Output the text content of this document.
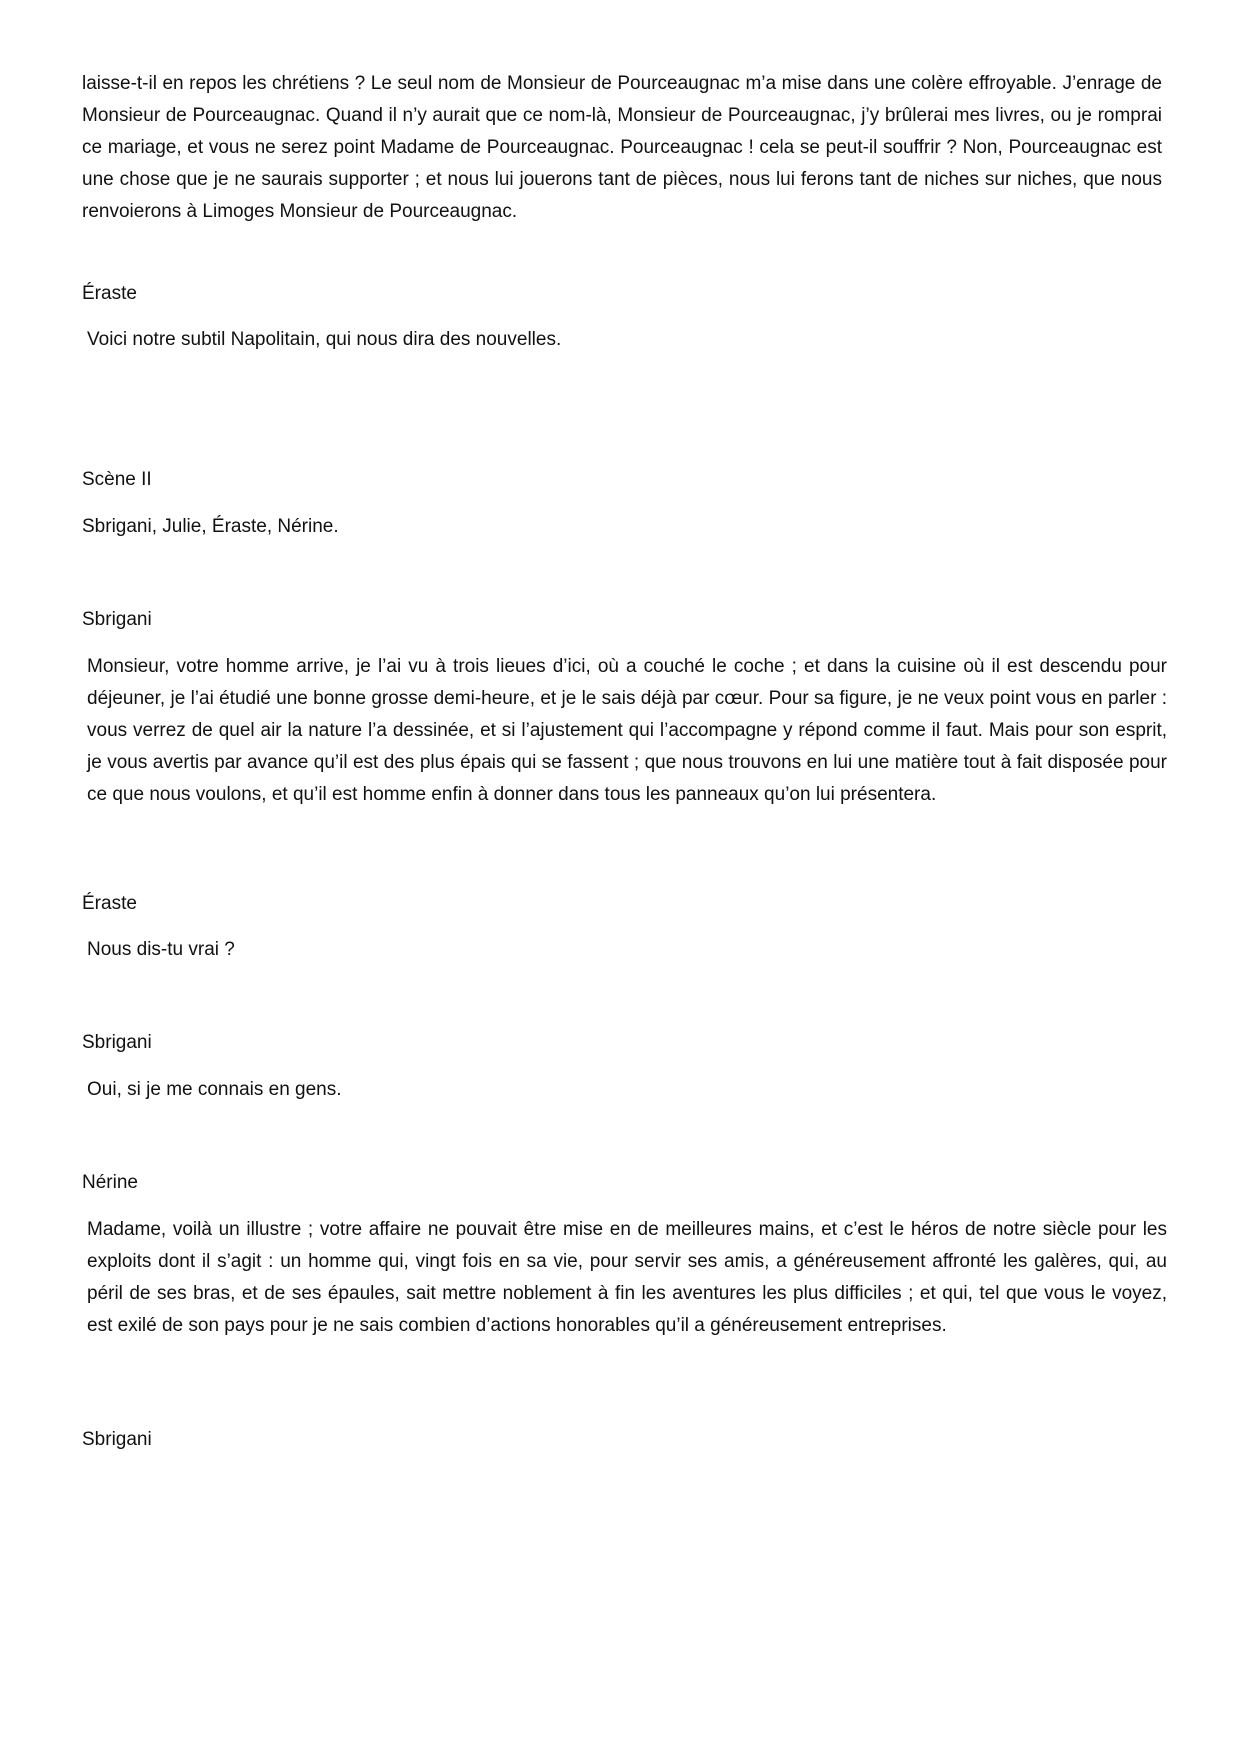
laisse-t-il en repos les chrétiens ? Le seul nom de Monsieur de Pourceaugnac m’a mise dans une colère effroyable. J’enrage de Monsieur de Pourceaugnac. Quand il n’y aurait que ce nom-là, Monsieur de Pourceaugnac, j’y brûlerai mes livres, ou je romprai ce mariage, et vous ne serez point Madame de Pourceaugnac. Pourceaugnac ! cela se peut-il souffrir ? Non, Pourceaugnac est une chose que je ne saurais supporter ; et nous lui jouerons tant de pièces, nous lui ferons tant de niches sur niches, que nous renvoierons à Limoges Monsieur de Pourceaugnac.

Éraste

Voici notre subtil Napolitain, qui nous dira des nouvelles.

Scène II

Sbrigani, Julie, Éraste, Nérine.

Sbrigani

Monsieur, votre homme arrive, je l’ai vu à trois lieues d’ici, où a couché le coche ; et dans la cuisine où il est descendu pour déjeuner, je l’ai étudié une bonne grosse demi-heure, et je le sais déjà par cœur. Pour sa figure, je ne veux point vous en parler : vous verrez de quel air la nature l’a dessinée, et si l’ajustement qui l’accompagne y répond comme il faut. Mais pour son esprit, je vous avertis par avance qu’il est des plus épais qui se fassent ; que nous trouvons en lui une matière tout à fait disposée pour ce que nous voulons, et qu’il est homme enfin à donner dans tous les panneaux qu’on lui présentera.

Éraste

Nous dis-tu vrai ?

Sbrigani

Oui, si je me connais en gens.

Nérine

Madame, voilà un illustre ; votre affaire ne pouvait être mise en de meilleures mains, et c’est le héros de notre siècle pour les exploits dont il s’agit : un homme qui, vingt fois en sa vie, pour servir ses amis, a généreusement affronté les galères, qui, au péril de ses bras, et de ses épaules, sait mettre noblement à fin les aventures les plus difficiles ; et qui, tel que vous le voyez, est exilé de son pays pour je ne sais combien d’actions honorables qu’il a généreusement entreprises.

Sbrigani
